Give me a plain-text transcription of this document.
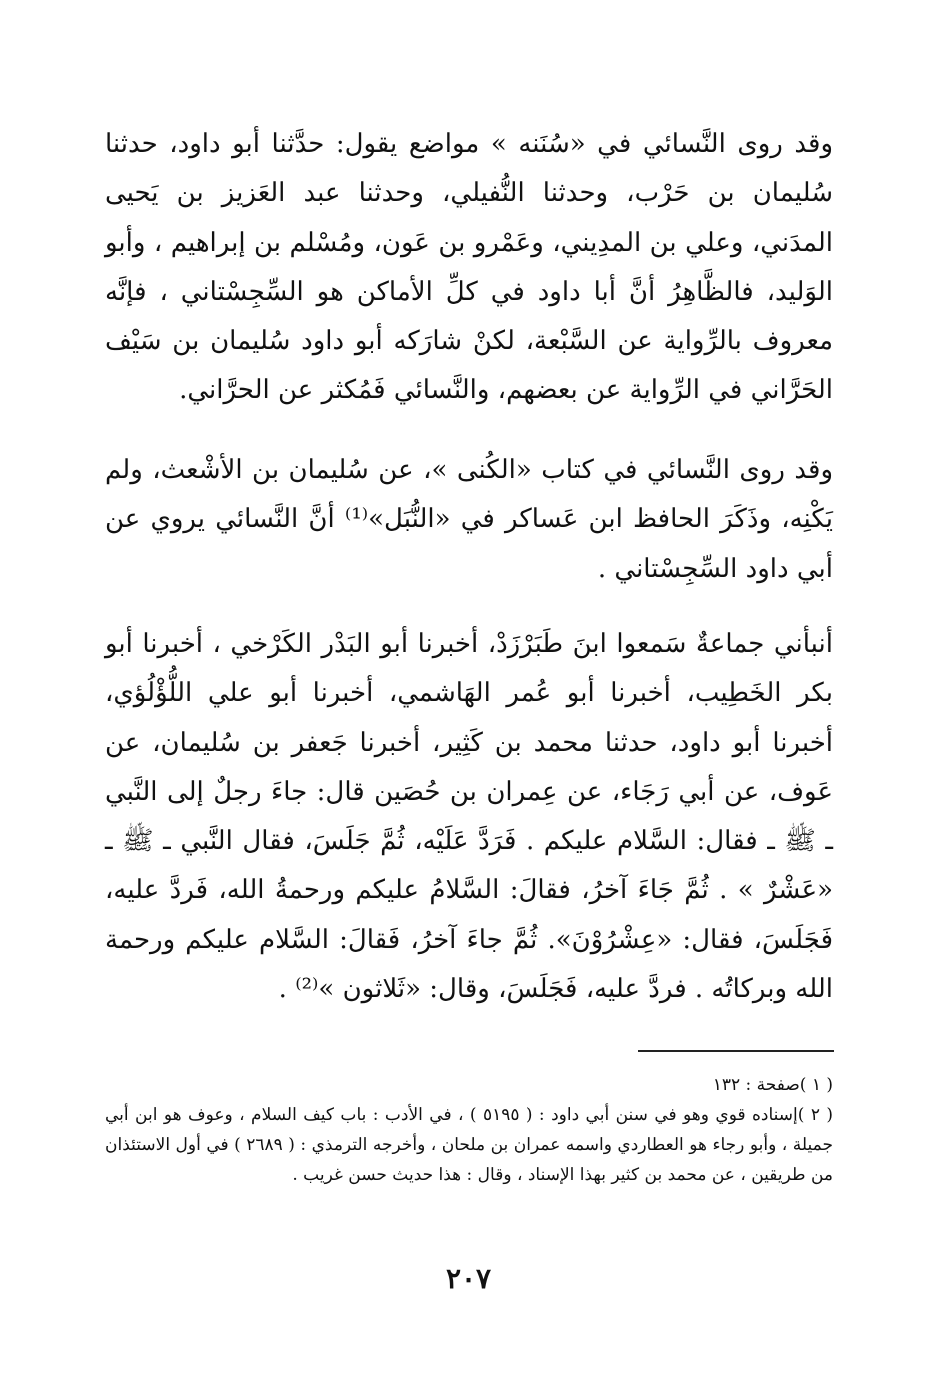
وقد روى النَّسائي في «سُنَنه » مواضع يقول: حدَّثنا أبو داود، حدثنا سُليمان بن حَرْب، وحدثنا النُّفيلي، وحدثنا عبد العَزيز بن يَحيى المدَني، وعلي بن المدِيني، وعَمْرو بن عَون، ومُسْلم بن إبراهيم ، وأبو الوَليد، فالظَّاهِرُ أنَّ أبا داود في كلِّ الأماكن هو السِّجِسْتاني ، فإنَّه معروف بالرِّواية عن السَّبْعة، لكنْ شارَكه أبو داود سُليمان بن سَيْف الحَرَّاني في الرِّواية عن بعضهم، والنَّسائي فَمُكثر عن الحرَّاني.

وقد روى النَّسائي في كتاب «الكُنى »، عن سُليمان بن الأشْعث، ولم يَكْنِه، وذَكَرَ الحافظ ابن عَساكر في «النُّبَل»⁽¹⁾ أنَّ النَّسائي يروي عن أبي داود السِّجِسْتاني .

أنبأني جماعةٌ سَمعوا ابنَ طَبَرْزَدْ، أخبرنا أبو البَدْر الكَرْخي ، أخبرنا أبو بكر الخَطِيب، أخبرنا أبو عُمر الهَاشمي، أخبرنا أبو علي اللُّؤْلُؤي، أخبرنا أبو داود، حدثنا محمد بن كَثِير، أخبرنا جَعفر بن سُليمان، عن عَوف، عن أبي رَجَاء، عن عِمران بن حُصَين قال: جاءَ رجلٌ إلى النَّبي ـ ﷺ ـ فقال: السَّلام عليكم . فَرَدَّ عَلَيْه، ثُمَّ جَلَسَ، فقال النَّبي ـ ﷺ ـ «عَشْرٌ » . ثُمَّ جَاءَ آخرُ، فقالَ: السَّلامُ عليكم ورحمةُ الله، فَردَّ عليه، فَجَلَسَ، فقال: «عِشْرُوْنَ». ثُمَّ جاءَ آخرُ، فَقالَ: السَّلام عليكم ورحمة الله وبركاتُه . فردَّ عليه، فَجَلَسَ، وقال: «ثَلاثون »⁽²⁾ .

( ١ )صفحة : ١٣٢

( ٢ )إسناده قوي وهو في سنن أبي داود : ( ٥١٩٥ ) ، في الأدب : باب كيف السلام ، وعوف هو ابن أبي جميلة ، وأبو رجاء هو العطاردي واسمه عمران بن ملحان ، وأخرجه الترمذي : ( ٢٦٨٩ ) في أول الاستئذان من طريقين ، عن محمد بن كثير بهذا الإسناد ، وقال : هذا حديث حسن غريب .

٢٠٧
